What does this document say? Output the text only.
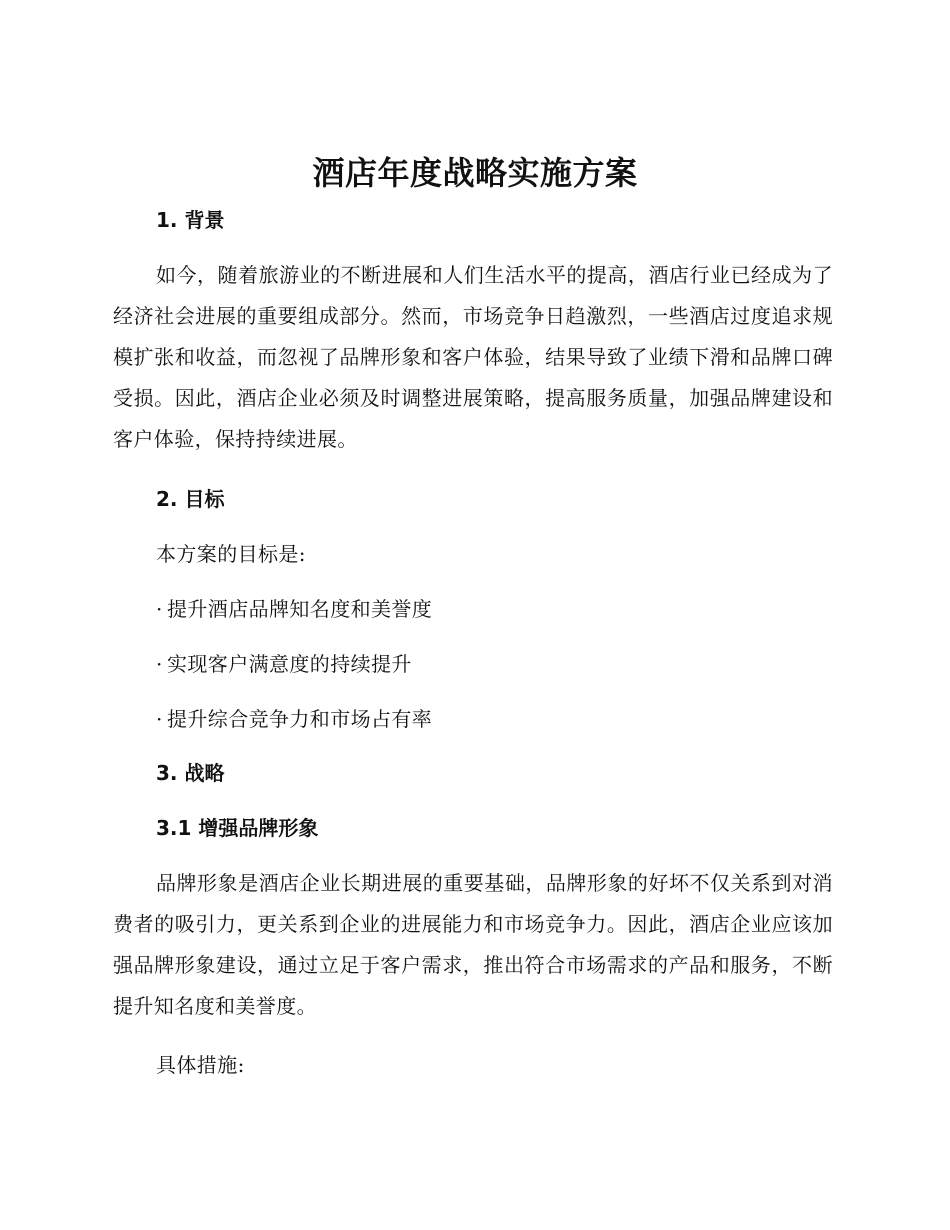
酒店年度战略实施方案
1. 背景

如今，随着旅游业的不断进展和人们生活水平的提高，酒店行业已经成为了经济社会进展的重要组成部分。然而，市场竞争日趋激烈，一些酒店过度追求规模扩张和收益，而忽视了品牌形象和客户体验，结果导致了业绩下滑和品牌口碑受损。因此，酒店企业必须及时调整进展策略，提高服务质量，加强品牌建设和客户体验，保持持续进展。

2. 目标
本方案的目标是:
· 提升酒店品牌知名度和美誉度
· 实现客户满意度的持续提升
· 提升综合竞争力和市场占有率
3. 战略
3.1 增强品牌形象

品牌形象是酒店企业长期进展的重要基础，品牌形象的好坏不仅关系到对消费者的吸引力，更关系到企业的进展能力和市场竞争力。因此，酒店企业应该加强品牌形象建设，通过立足于客户需求，推出符合市场需求的产品和服务，不断提升知名度和美誉度。

具体措施:
